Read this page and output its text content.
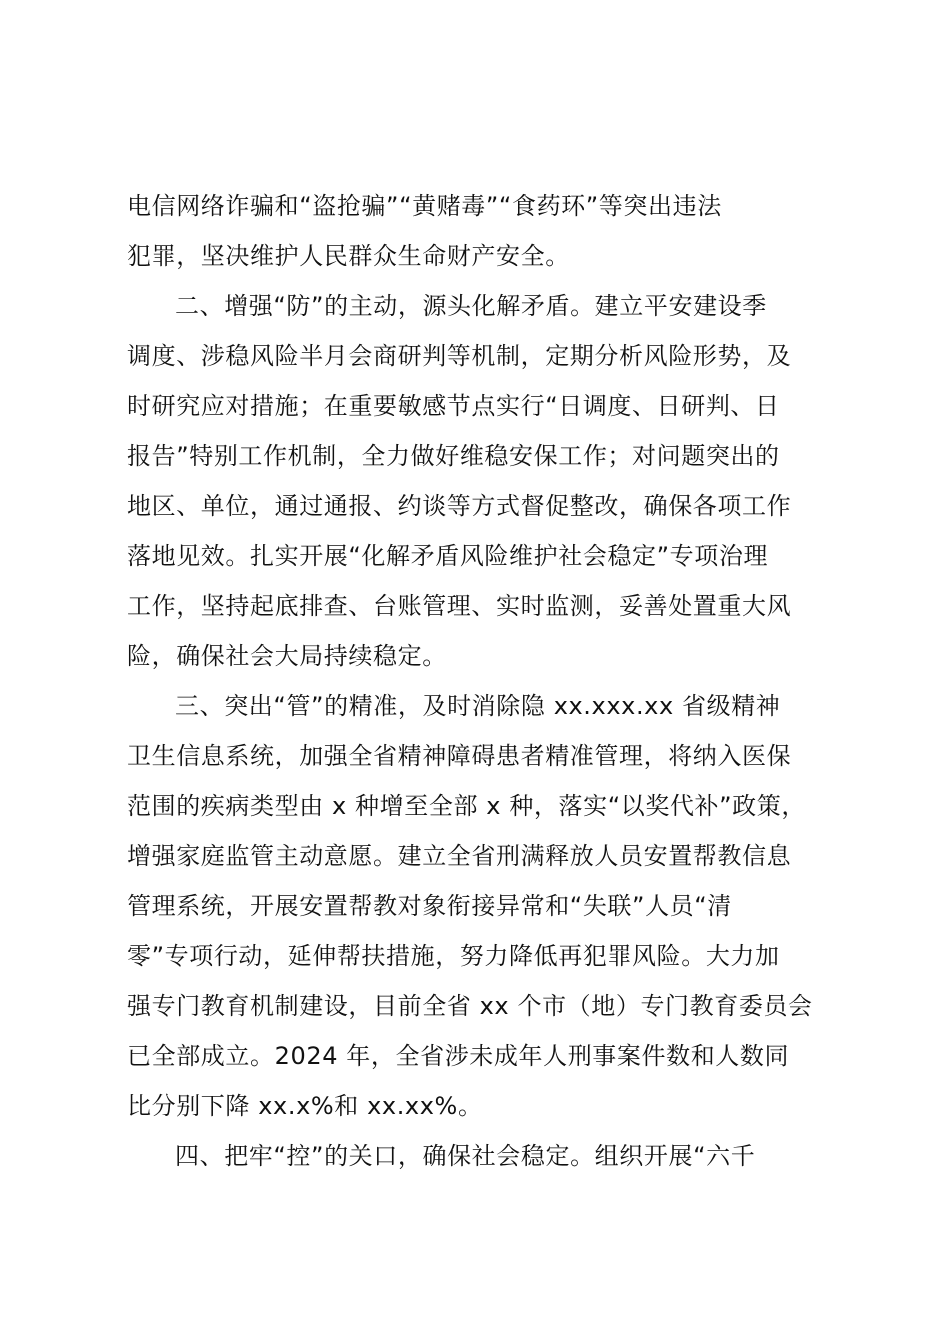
电信网络诈骗和“盗抢骗”“黄赌毒”“食药环”等突出违法
犯罪，坚决维护人民群众生命财产安全。

二、增强“防”的主动，源头化解矛盾。建立平安建设季
调度、涉稳风险半月会商研判等机制，定期分析风险形势，及
时研究应对措施；在重要敏感节点实行“日调度、日研判、日
报告”特别工作机制，全力做好维稳安保工作；对问题突出的
地区、单位，通过通报、约谈等方式督促整改，确保各项工作
落地见效。扎实开展“化解矛盾风险维护社会稳定”专项治理
工作，坚持起底排查、台账管理、实时监测，妥善处置重大风
险，确保社会大局持续稳定。

三、突出“管”的精准，及时消除隐 xx.xxx.xx 省级精神
卫生信息系统，加强全省精神障碍患者精准管理，将纳入医保
范围的疾病类型由 x 种增至全部 x 种，落实“以奖代补”政策，
增强家庭监管主动意愿。建立全省刑满释放人员安置帮教信息
管理系统，开展安置帮教对象衔接异常和“失联”人员“清
零”专项行动，延伸帮扶措施，努力降低再犯罪风险。大力加
强专门教育机制建设，目前全省 xx 个市（地）专门教育委员会
已全部成立。2024 年，全省涉未成年人刑事案件数和人数同
比分别下降 xx.x%和 xx.xx%。

四、把牢“控”的关口，确保社会稳定。组织开展“六千
